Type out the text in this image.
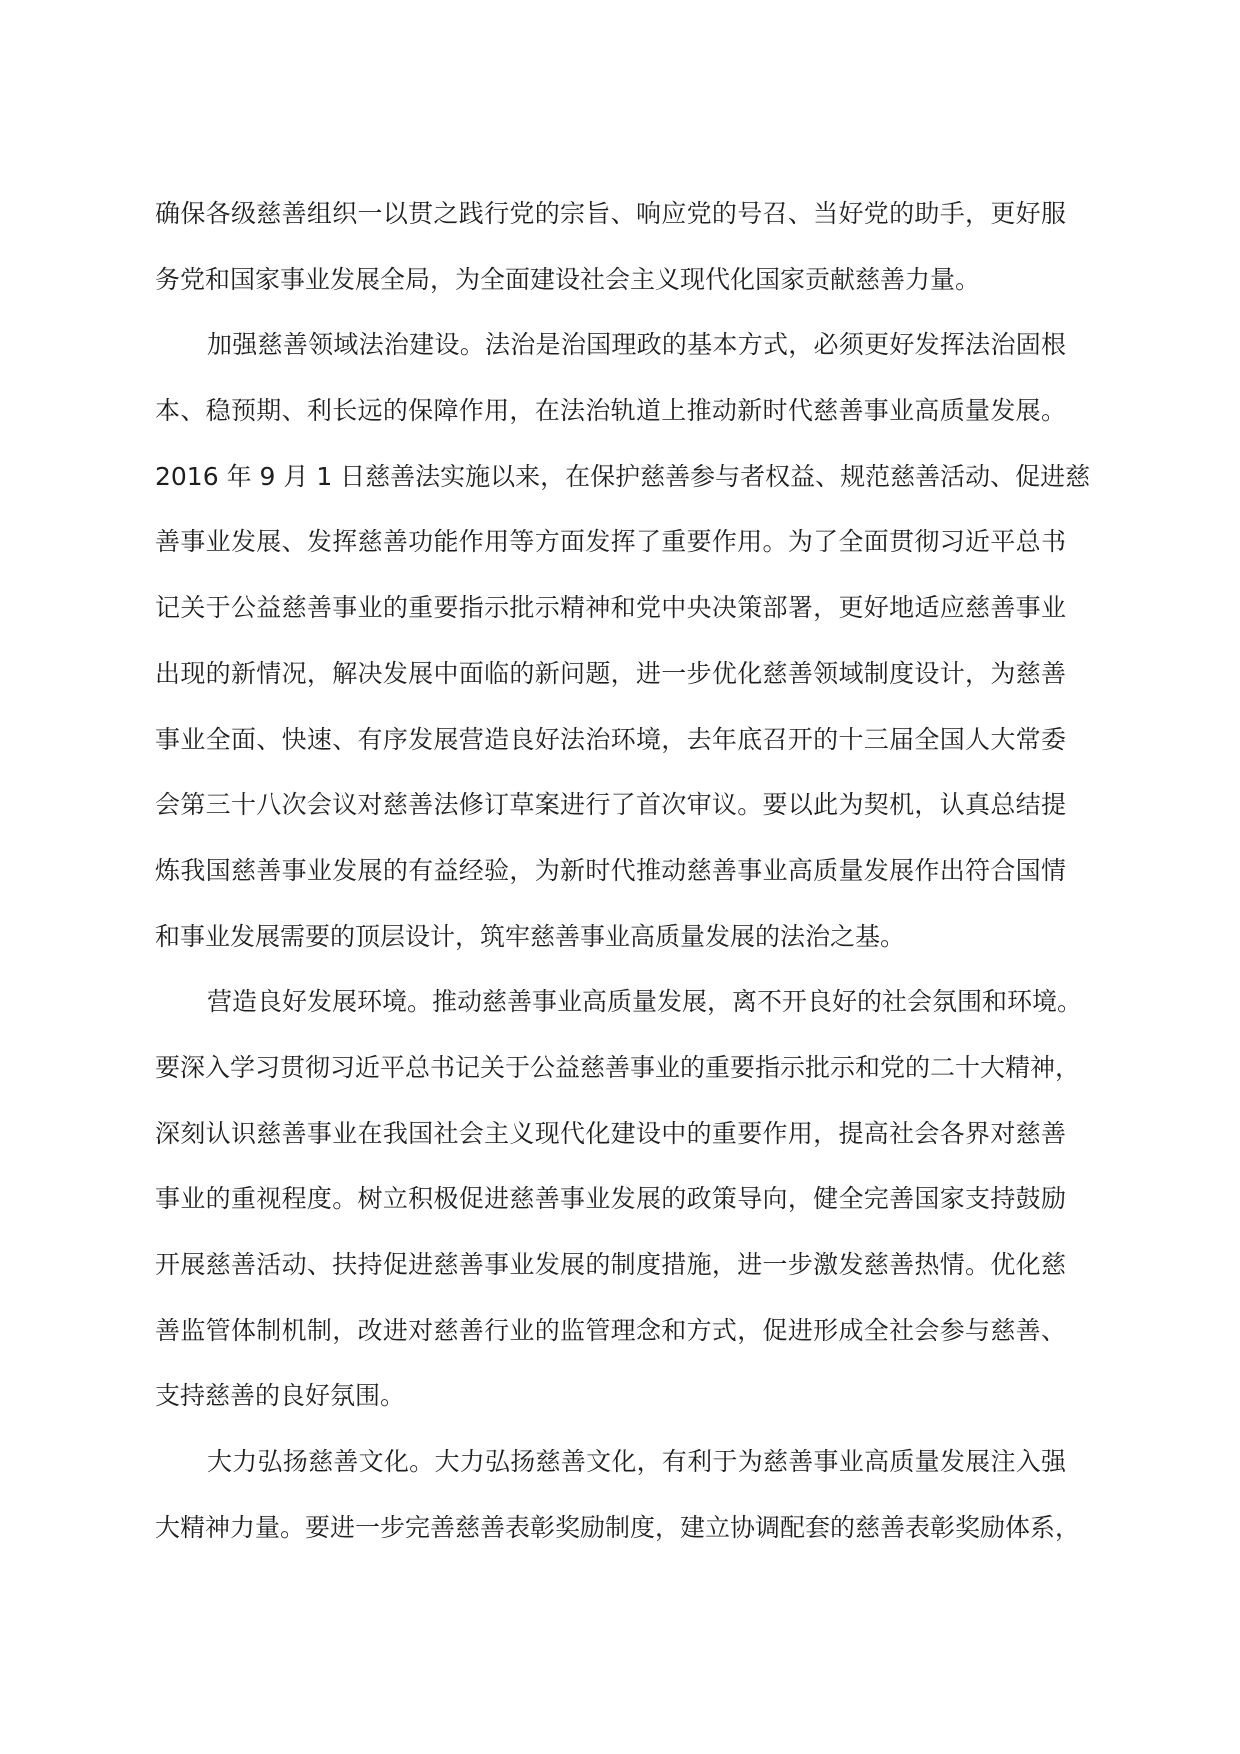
确保各级慈善组织一以贯之践行党的宗旨、响应党的号召、当好党的助手，更好服
务党和国家事业发展全局，为全面建设社会主义现代化国家贡献慈善力量。
加强慈善领域法治建设。法治是治国理政的基本方式，必须更好发挥法治固根
本、稳预期、利长远的保障作用，在法治轨道上推动新时代慈善事业高质量发展。
2016 年 9 月 1 日慈善法实施以来，在保护慈善参与者权益、规范慈善活动、促进慈
善事业发展、发挥慈善功能作用等方面发挥了重要作用。为了全面贯彻习近平总书
记关于公益慈善事业的重要指示批示精神和党中央决策部署，更好地适应慈善事业
出现的新情况，解决发展中面临的新问题，进一步优化慈善领域制度设计，为慈善
事业全面、快速、有序发展营造良好法治环境，去年底召开的十三届全国人大常委
会第三十八次会议对慈善法修订草案进行了首次审议。要以此为契机，认真总结提
炼我国慈善事业发展的有益经验，为新时代推动慈善事业高质量发展作出符合国情
和事业发展需要的顶层设计，筑牢慈善事业高质量发展的法治之基。
营造良好发展环境。推动慈善事业高质量发展，离不开良好的社会氛围和环境。
要深入学习贯彻习近平总书记关于公益慈善事业的重要指示批示和党的二十大精神，
深刻认识慈善事业在我国社会主义现代化建设中的重要作用，提高社会各界对慈善
事业的重视程度。树立积极促进慈善事业发展的政策导向，健全完善国家支持鼓励
开展慈善活动、扶持促进慈善事业发展的制度措施，进一步激发慈善热情。优化慈
善监管体制机制，改进对慈善行业的监管理念和方式，促进形成全社会参与慈善、
支持慈善的良好氛围。
大力弘扬慈善文化。大力弘扬慈善文化，有利于为慈善事业高质量发展注入强
大精神力量。要进一步完善慈善表彰奖励制度，建立协调配套的慈善表彰奖励体系，
